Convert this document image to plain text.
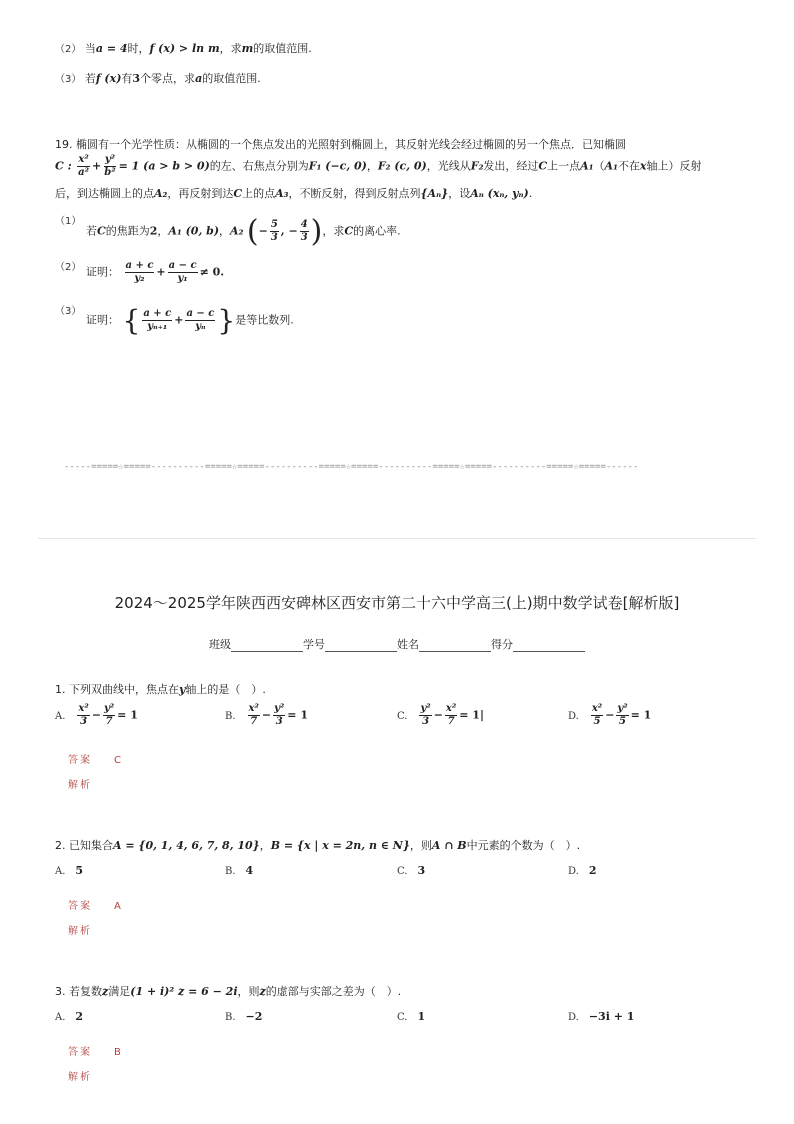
（2） 当a = 4时，f (x) > ln m，求m的取值范围.
（3） 若f (x)有3个零点，求a的取值范围.
19. 椭圆有一个光学性质：从椭圆的一个焦点发出的光照射到椭圆上，其反射光线会经过椭圆的另一个焦点．已知椭圆
C : $\frac{\text{x²}}{\text{a²}} + \frac{\text{y²}}{\text{b²}} = 1$ (a > b > 0)的左、右焦点分别为F₁ (−c, 0)，F₂ (c, 0)，光线从F₂发出，经过C上一点A₁（A₁不在x轴上）反射
后，到达椭圆上的点A₂，再反射到达C上的点A₃，不断反射，得到反射点列{Aₙ}，设Aₙ (xₙ, yₙ).
（1）
若C的焦距为2，A₁ (0, b)，A₂ (− $\frac{5}{3}$ , − $\frac{4}{3}$ )，求C的离心率.
（2） 证明： $\frac{a + c}{\text{y₂}} + \frac{a - c}{\text{y₁}} \ne 0$.
（3）
证明： { $\frac{a + c}{\text{yₙ₊₁}} + \frac{a - c}{\text{yₙ}}$ }是等比数列.
-----=====☆=====----------=====☆=====----------=====☆=====----------=====☆=====----------=====☆=====------
2024～2025学年陕西西安碑林区西安市第二十六中学高三(上)期中数学试卷[解析版]
班级	学号	姓名	得分
1. 下列双曲线中，焦点在y轴上的是（　）.
A. $\frac{\text{x²}}{3} - \frac{\text{y²}}{7} = 1$	B. $\frac{\text{x²}}{7} - \frac{\text{y²}}{3} = 1$	C. $\frac{\text{y²}}{3} - \frac{\text{x²}}{7} = 1|$	D. $\frac{\text{x²}}{5} - \frac{\text{y²}}{5} = 1$
答案 C
解析
2. 已知集合A = {0, 1, 4, 6, 7, 8, 10}，B = {x | x = 2n, n ∈ N}，则A ∩ B中元素的个数为（　）.
A. 5	B. 4	C. 3	D. 2
答案 A
解析
3. 若复数z满足(1 + i)² z = 6 − 2i，则z的虚部与实部之差为（　）.
A. 2	B. −2	C. 1	D. −3i + 1
答案 B
解析
